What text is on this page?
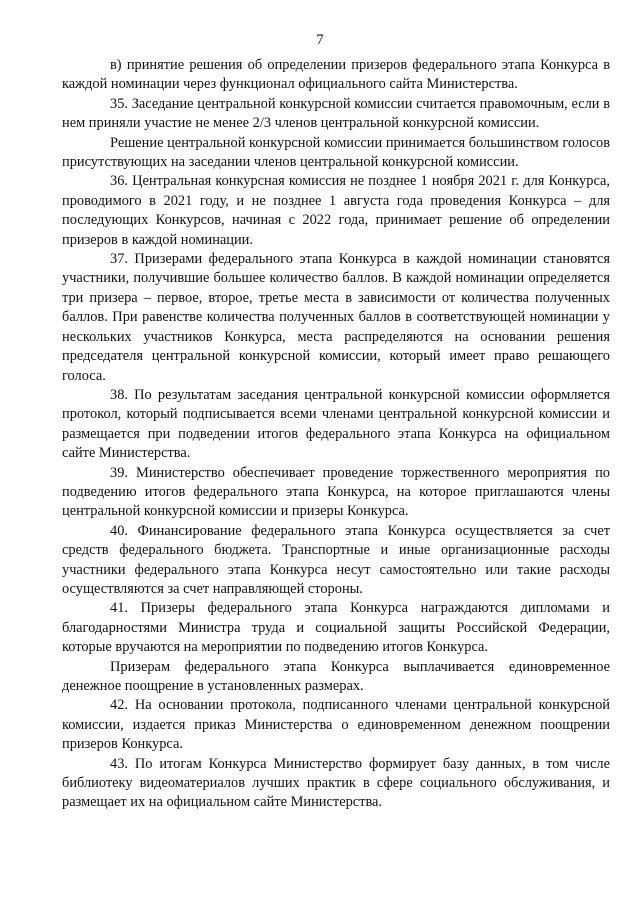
7

в) принятие решения об определении призеров федерального этапа Конкурса в каждой номинации через функционал официального сайта Министерства.

35. Заседание центральной конкурсной комиссии считается правомочным, если в нем приняли участие не менее 2/3 членов центральной конкурсной комиссии.

Решение центральной конкурсной комиссии принимается большинством голосов присутствующих на заседании членов центральной конкурсной комиссии.

36. Центральная конкурсная комиссия не позднее 1 ноября 2021 г. для Конкурса, проводимого в 2021 году, и не позднее 1 августа года проведения Конкурса – для последующих Конкурсов, начиная с 2022 года, принимает решение об определении призеров в каждой номинации.

37. Призерами федерального этапа Конкурса в каждой номинации становятся участники, получившие большее количество баллов. В каждой номинации определяется три призера – первое, второе, третье места в зависимости от количества полученных баллов. При равенстве количества полученных баллов в соответствующей номинации у нескольких участников Конкурса, места распределяются на основании решения председателя центральной конкурсной комиссии, который имеет право решающего голоса.

38. По результатам заседания центральной конкурсной комиссии оформляется протокол, который подписывается всеми членами центральной конкурсной комиссии и размещается при подведении итогов федерального этапа Конкурса на официальном сайте Министерства.

39. Министерство обеспечивает проведение торжественного мероприятия по подведению итогов федерального этапа Конкурса, на которое приглашаются члены центральной конкурсной комиссии и призеры Конкурса.

40. Финансирование федерального этапа Конкурса осуществляется за счет средств федерального бюджета. Транспортные и иные организационные расходы участники федерального этапа Конкурса несут самостоятельно или такие расходы осуществляются за счет направляющей стороны.

41. Призеры федерального этапа Конкурса награждаются дипломами и благодарностями Министра труда и социальной защиты Российской Федерации, которые вручаются на мероприятии по подведению итогов Конкурса.

Призерам федерального этапа Конкурса выплачивается единовременное денежное поощрение в установленных размерах.

42. На основании протокола, подписанного членами центральной конкурсной комиссии, издается приказ Министерства о единовременном денежном поощрении призеров Конкурса.

43. По итогам Конкурса Министерство формирует базу данных, в том числе библиотеку видеоматериалов лучших практик в сфере социального обслуживания, и размещает их на официальном сайте Министерства.
